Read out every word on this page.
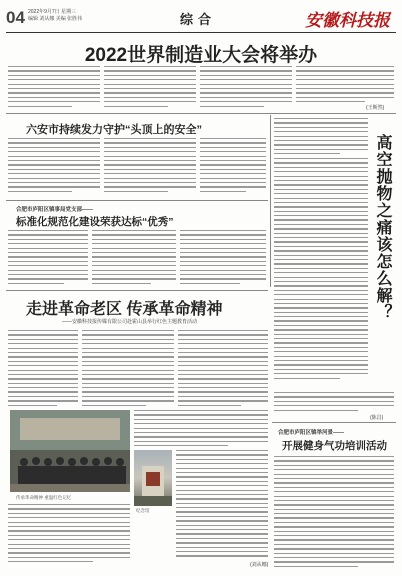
04 2022年9月7日 星期三
编辑 刘从娜 美编 张胜伟	综合	安徽科技报
2022世界制造业大会将举办
(王斯然)
六安市持续发力守护“头顶上的安全”
高空抛物之痛该怎么解？
(陈昌)
合肥市庐阳区镇事局党支部——
标准化规范化建设荣获达标“优秀”
走进革命老区 传承革命精神
——安徽科技报传媒有限公司赴霍山县举行红色主题教育活动
传承革命精神 重温红色记忆
(刘从娜)
纪念馆
合肥市庐阳区镇举河景——
开展健身气功培训活动
